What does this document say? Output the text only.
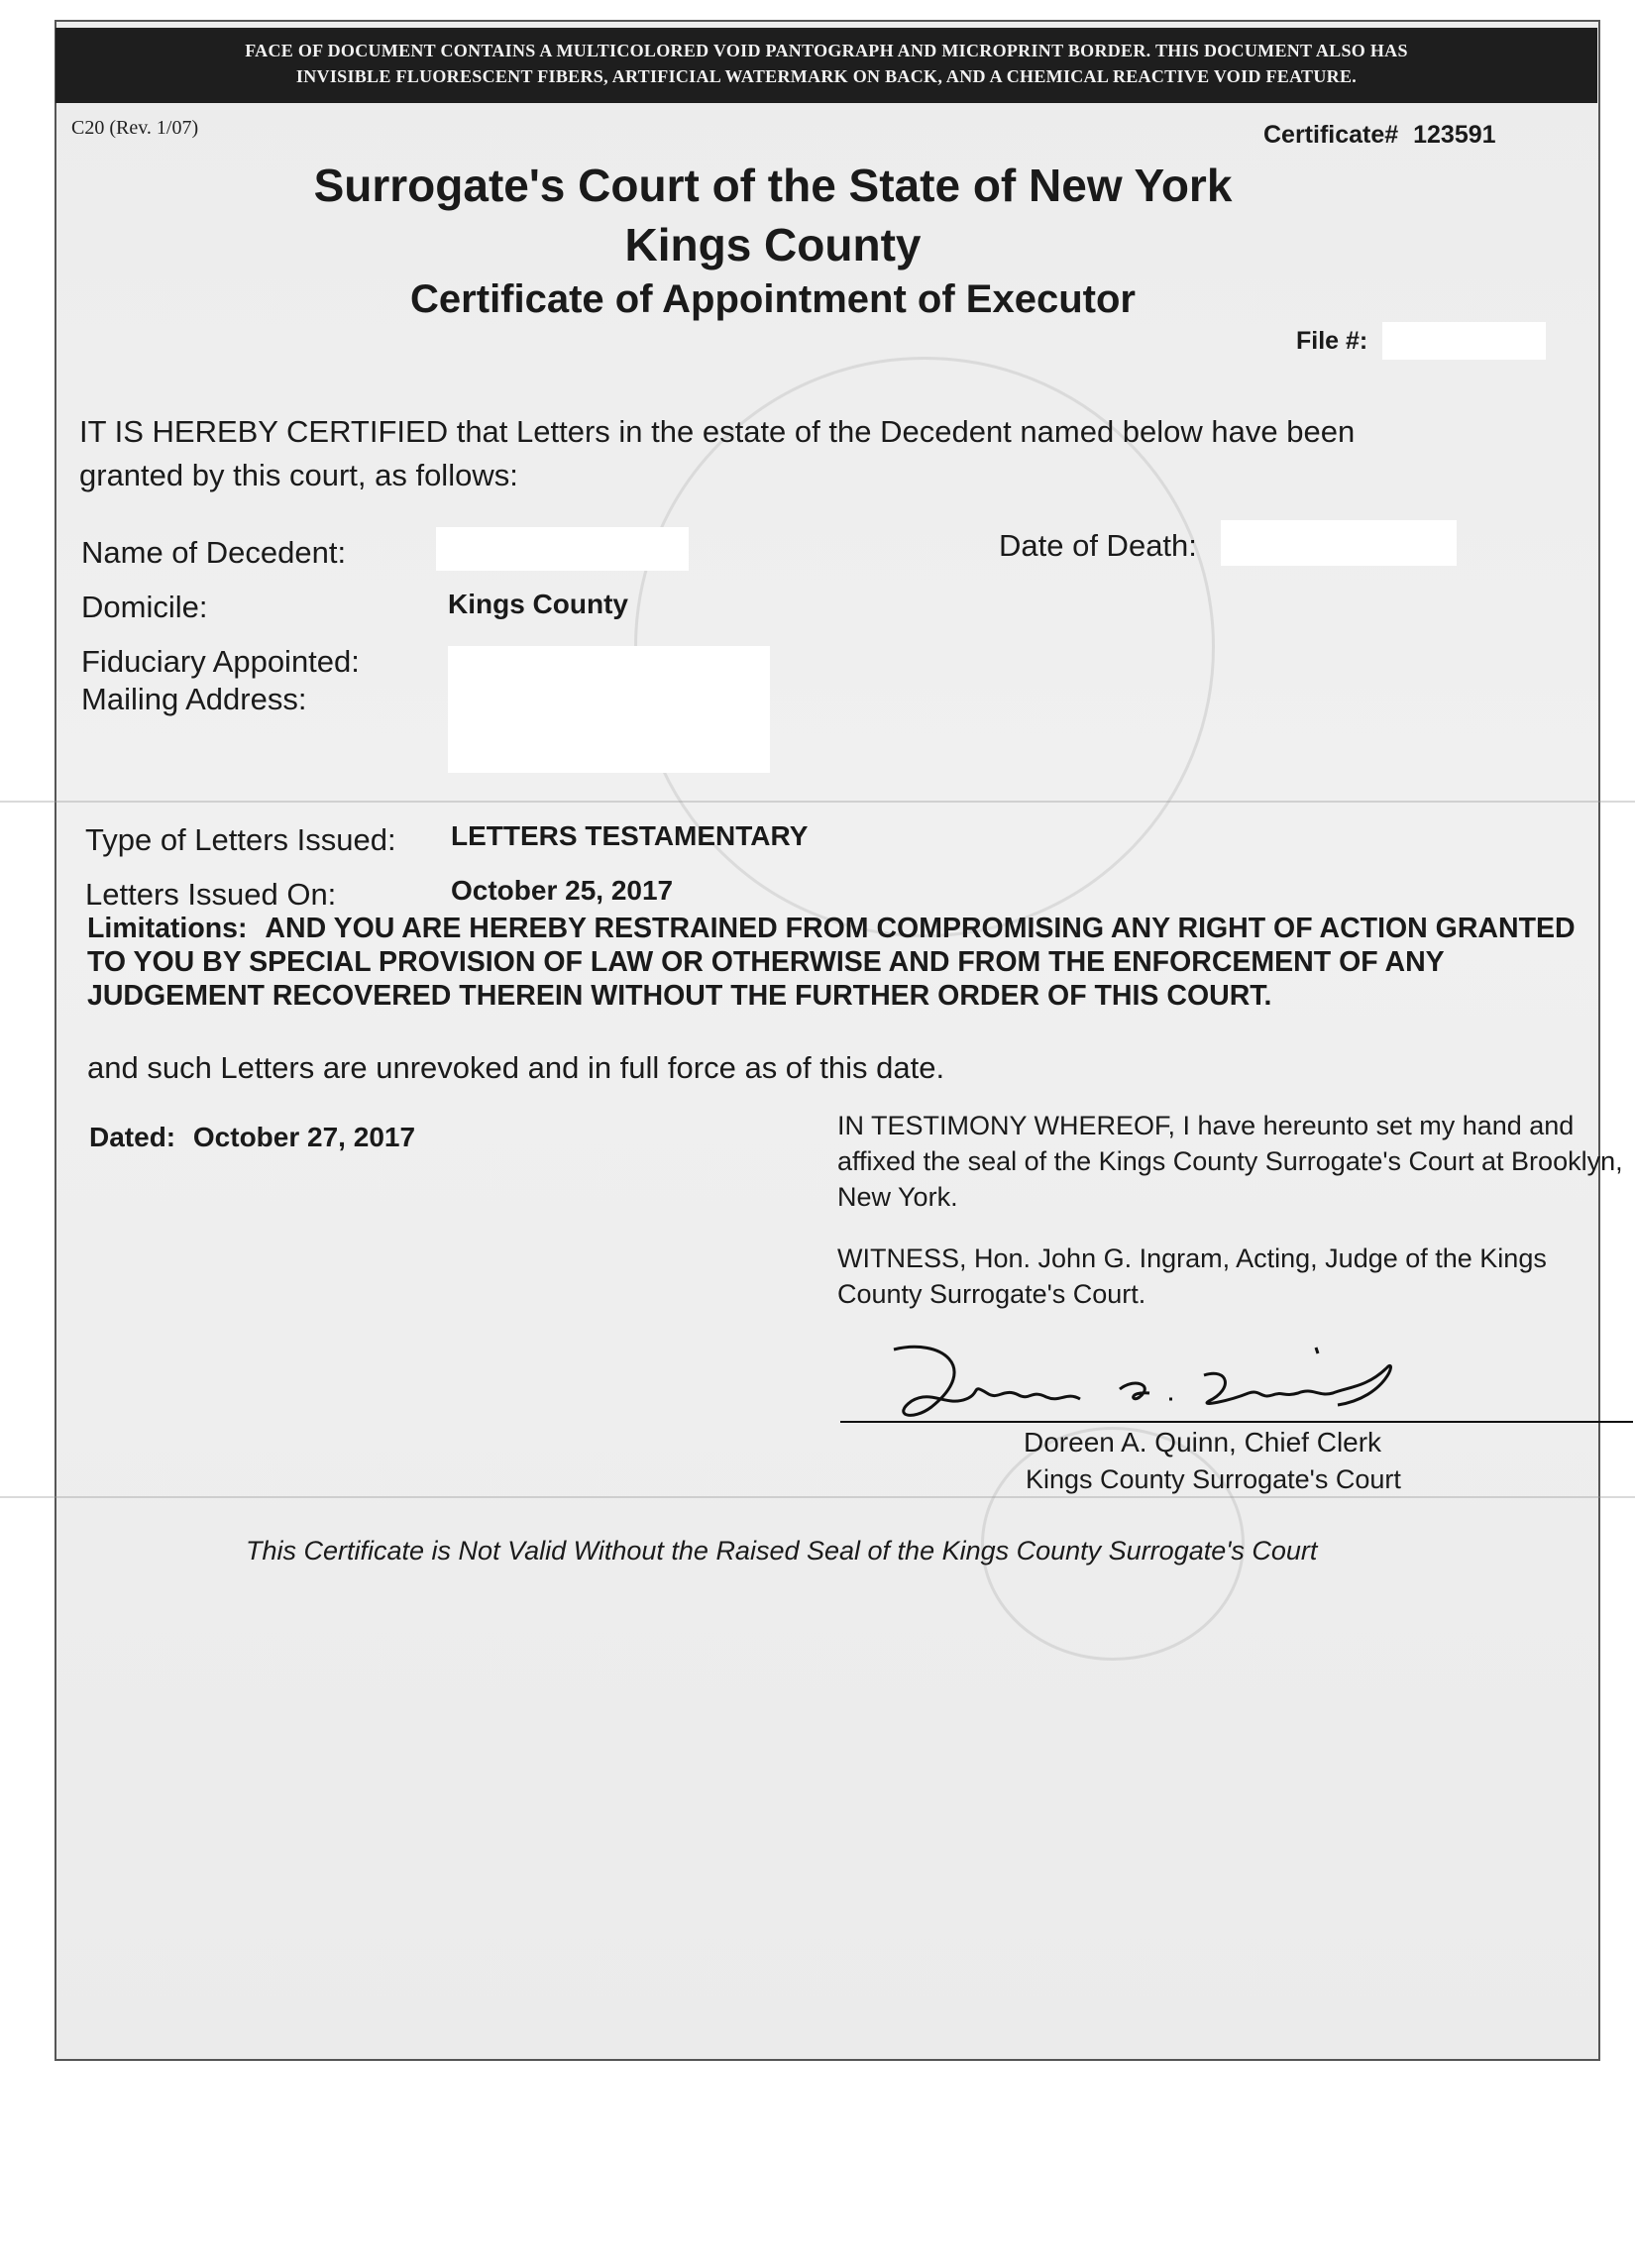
FACE OF DOCUMENT CONTAINS A MULTICOLORED VOID PANTOGRAPH AND MICROPRINT BORDER. THIS DOCUMENT ALSO HAS
INVISIBLE FLUORESCENT FIBERS, ARTIFICIAL WATERMARK ON BACK, AND A CHEMICAL REACTIVE VOID FEATURE.
C20 (Rev. 1/07)	Certificate# 123591
Surrogate's Court of the State of New York
Kings County
Certificate of Appointment of Executor
File #:
IT IS HEREBY CERTIFIED that Letters in the estate of the Decedent named below have been
granted by this court, as follows:
Name of Decedent:	Date of Death:
Domicile:	Kings County
Fiduciary Appointed:
Mailing Address:
Type of Letters Issued: LETTERS TESTAMENTARY
Letters Issued On:	October 25, 2017
Limitations: AND YOU ARE HEREBY RESTRAINED FROM COMPROMISING ANY RIGHT OF ACTION GRANTED TO YOU BY SPECIAL PROVISION OF LAW OR OTHERWISE AND FROM THE ENFORCEMENT OF ANY JUDGEMENT RECOVERED THEREIN WITHOUT THE FURTHER ORDER OF THIS COURT.
and such Letters are unrevoked and in full force as of this date.
Dated: October 27, 2017	IN TESTIMONY WHEREOF, I have hereunto set my hand and affixed the seal of the Kings County Surrogate's Court at Brooklyn, New York.
WITNESS, Hon. John G. Ingram, Acting, Judge of the Kings County Surrogate's Court.
Doreen A. Quinn, Chief Clerk
Kings County Surrogate's Court
This Certificate is Not Valid Without the Raised Seal of the Kings County Surrogate's Court
